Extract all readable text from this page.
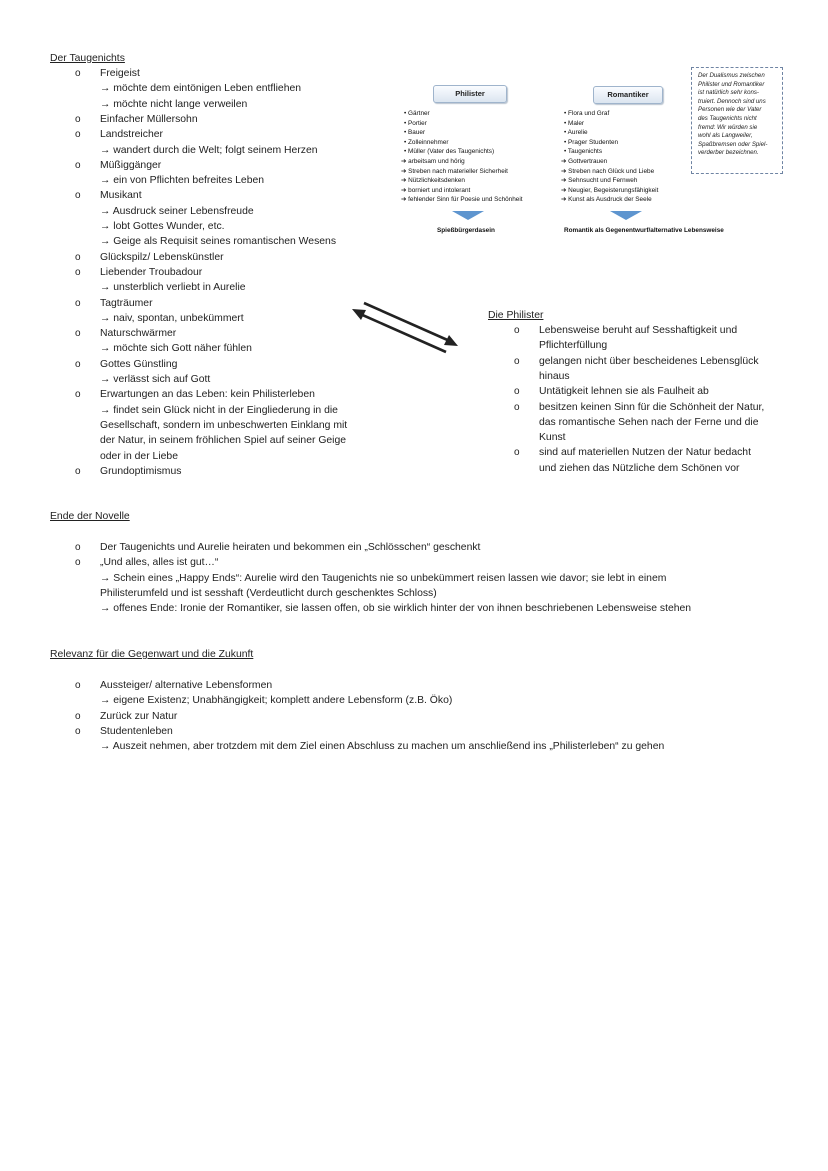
Der Taugenichts
o Freigeist
→ möchte dem eintönigen Leben entfliehen
→ möchte nicht lange verweilen
o Einfacher Müllersohn
o Landstreicher
→ wandert durch die Welt; folgt seinem Herzen
o Müßiggänger
→ ein von Pflichten befreites Leben
o Musikant
→ Ausdruck seiner Lebensfreude
→ lobt Gottes Wunder, etc.
→ Geige als Requisit seines romantischen Wesens
o Glückspilz/ Lebenskünstler
o Liebender Troubadour
→ unsterblich verliebt in Aurelie
o Tagträumer
→ naiv, spontan, unbekümmert
o Naturschwärmer
→ möchte sich Gott näher fühlen
o Gottes Günstling
→ verlässt sich auf Gott
o Erwartungen an das Leben: kein Philisterleben
→ findet sein Glück nicht in der Eingliederung in die
Gesellschaft, sondern im unbeschwerten Einklang mit
der Natur, in seinem fröhlichen Spiel auf seiner Geige
oder in der Liebe
o Grundoptimismus
Philister	Romantiker
• Gärtner
• Portier
• Bauer
• Zolleinnehmer
• Müller (Vater des Taugenichts)
➔ arbeitsam und hörig
➔ Streben nach materieller Sicherheit
➔ Nützlichkeitsdenken
➔ borniert und intolerant
➔ fehlender Sinn für Poesie und Schönheit
Spießbürgerdasein
• Flora und Graf
• Maler
• Aurelie
• Prager Studenten
• Taugenichts
➔ Gottvertrauen
➔ Streben nach Glück und Liebe
➔ Sehnsucht und Fernweh
➔ Neugier, Begeisterungsfähigkeit
➔ Kunst als Ausdruck der Seele
Romantik als Gegenentwurf/alternative Lebensweise
Der Dualismus zwischen
Philister und Romantiker
ist natürlich sehr kons-
truiert. Dennoch sind uns
Personen wie der Vater
des Taugenichts nicht
fremd: Wir würden sie
wohl als Langweiler,
Spaßbremsen oder Spiel-
verderber bezeichnen.
Die Philister
o Lebensweise beruht auf Sesshaftigkeit und
Pflichterfüllung
o gelangen nicht über bescheidenes Lebensglück
hinaus
o Untätigkeit lehnen sie als Faulheit ab
o besitzen keinen Sinn für die Schönheit der Natur,
das romantische Sehen nach der Ferne und die
Kunst
o sind auf materiellen Nutzen der Natur bedacht
und ziehen das Nützliche dem Schönen vor
Ende der Novelle
o Der Taugenichts und Aurelie heiraten und bekommen ein „Schlösschen“ geschenkt
o „Und alles, alles ist gut…“
→ Schein eines „Happy Ends“: Aurelie wird den Taugenichts nie so unbekümmert reisen lassen wie davor; sie lebt in einem
Philisterumfeld und ist sesshaft (Verdeutlicht durch geschenktes Schloss)
→ offenes Ende: Ironie der Romantiker, sie lassen offen, ob sie wirklich hinter der von ihnen beschriebenen Lebensweise stehen
Relevanz für die Gegenwart und die Zukunft
o Aussteiger/ alternative Lebensformen
→ eigene Existenz; Unabhängigkeit; komplett andere Lebensform (z.B. Öko)
o Zurück zur Natur
o Studentenleben
→ Auszeit nehmen, aber trotzdem mit dem Ziel einen Abschluss zu machen um anschließend ins „Philisterleben“ zu gehen
